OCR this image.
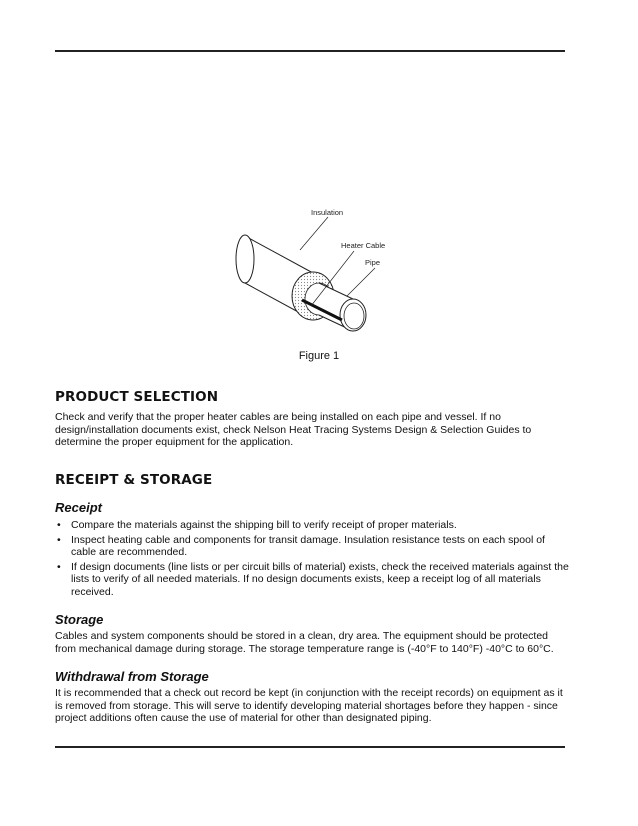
Insulation
Heater Cable
Pipe
Figure 1
PRODUCT SELECTION

Check and verify that the proper heater cables are being installed on each pipe and vessel. If no design/installation documents exist, check Nelson Heat Tracing Systems Design & Selection Guides to determine the proper equipment for the application.

RECEIPT & STORAGE
Receipt
• Compare the materials against the shipping bill to verify receipt of proper materials.
• Inspect heating cable and components for transit damage. Insulation resistance tests on each spool of cable are recommended.
• If design documents (line lists or per circuit bills of material) exists, check the received materials against the lists to verify of all needed materials. If no design documents exists, keep a receipt log of all materials received.
Storage

Cables and system components should be stored in a clean, dry area. The equipment should be protected from mechanical damage during storage. The storage temperature range is (-40°F to 140°F) -40°C to 60°C.

Withdrawal from Storage

It is recommended that a check out record be kept (in conjunction with the receipt records) on equipment as it is removed from storage. This will serve to identify developing material shortages before they happen - since project additions often cause the use of material for other than designated piping.
